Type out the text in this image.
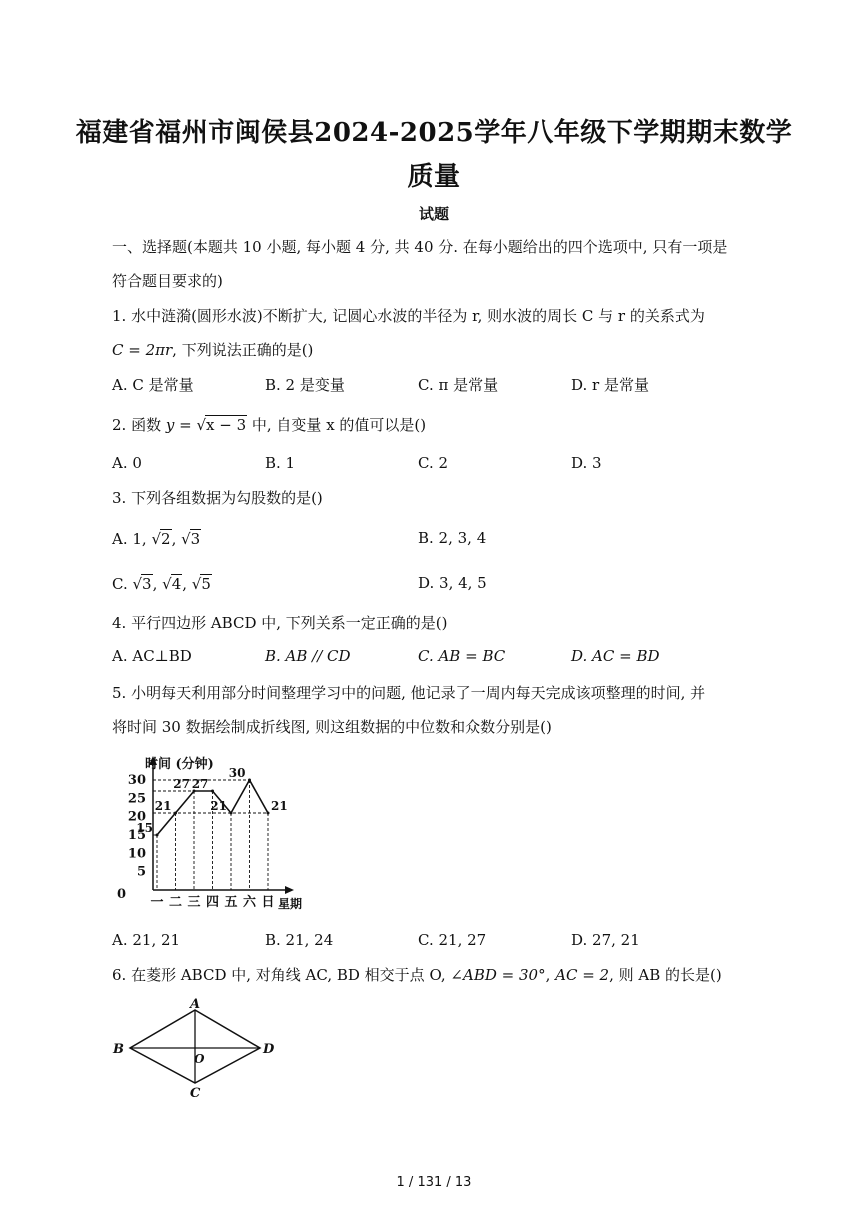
福建省福州市闽侯县2024-2025学年八年级下学期期末数学
质量
试题
一、选择题(本题共 10 小题, 每小题 4 分, 共 40 分. 在每小题给出的四个选项中, 只有一项是
符合题目要求的)
1. 水中涟漪(圆形水波)不断扩大, 记圆心水波的半径为 r, 则水波的周长 C 与 r 的关系式为
C = 2πr, 下列说法正确的是()
A. C 是常量	B. 2 是变量	C. π 是常量	D. r 是常量
2. 函数 y = √x − 3 中, 自变量 x 的值可以是()
A. 0	B. 1	C. 2	D. 3
3. 下列各组数据为勾股数的是()
A. 1, √2, √3	B. 2, 3, 4
C. √3, √4, √5	D. 3, 4, 5
4. 平行四边形 ABCD 中, 下列关系一定正确的是()
A. AC⊥BD	B. AB // CD	C. AB = BC	D. AC = BD
5. 小明每天利用部分时间整理学习中的问题, 他记录了一周内每天完成该项整理的时间, 并
将时间 30 数据绘制成折线图, 则这组数据的中位数和众数分别是()
时间 (分钟)
星期
0
5
10
15
20
25
30
15
21
27 27
21
30
21
一 二 三 四 五 六 日
A. 21, 21	B. 21, 24	C. 21, 27	D. 27, 21
6. 在菱形 ABCD 中, 对角线 AC, BD 相交于点 O, ∠ABD = 30°, AC = 2, 则 AB 的长是()
A
B
C
D
O
1 / 131 / 13
